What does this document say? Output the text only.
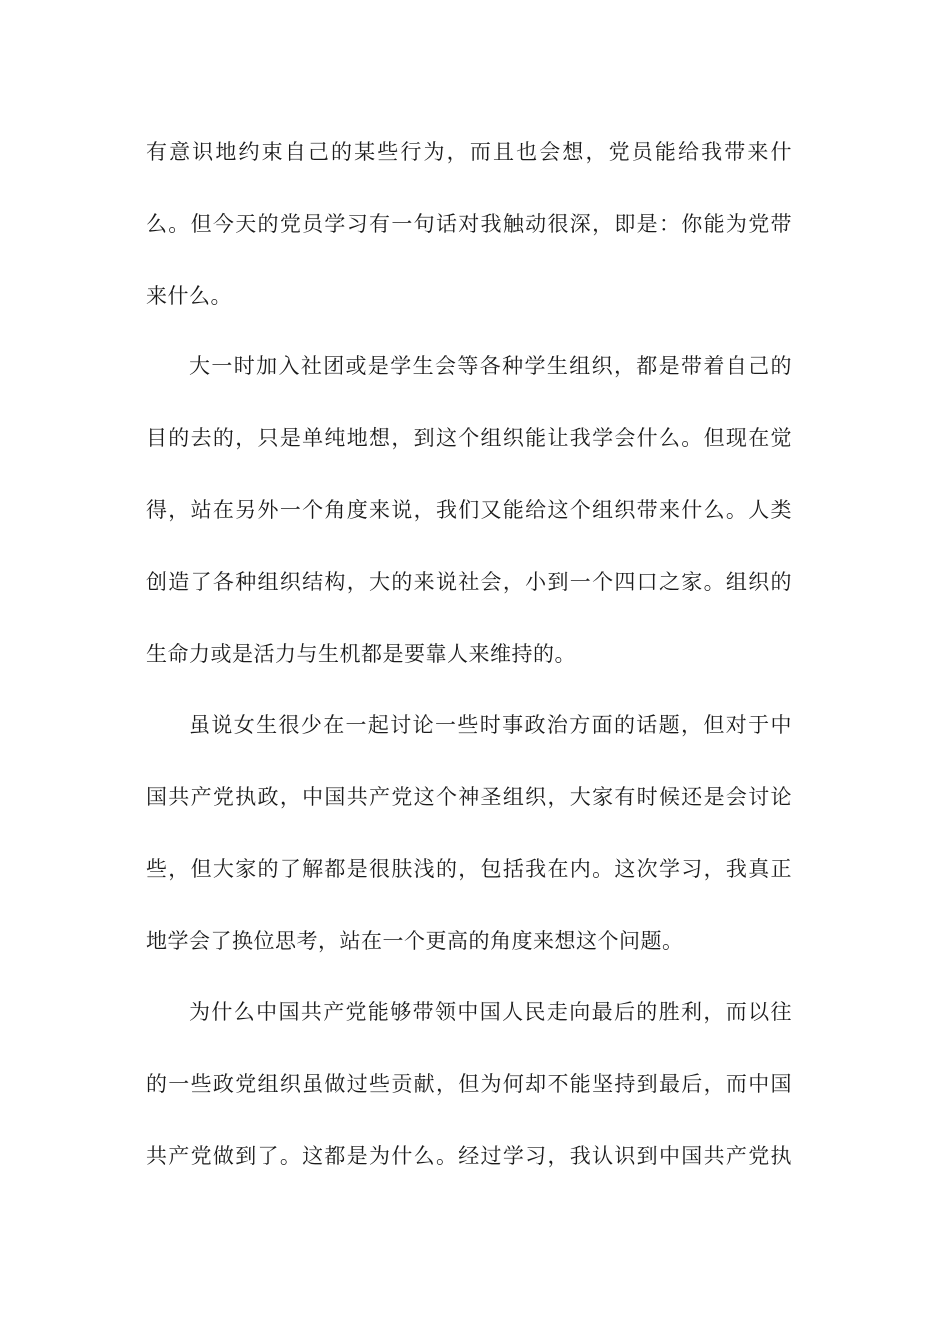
有意识地约束自己的某些行为，而且也会想，党员能给我带来什
么。但今天的党员学习有一句话对我触动很深，即是：你能为党带
来什么。
大一时加入社团或是学生会等各种学生组织，都是带着自己的
目的去的，只是单纯地想，到这个组织能让我学会什么。但现在觉
得，站在另外一个角度来说，我们又能给这个组织带来什么。人类
创造了各种组织结构，大的来说社会，小到一个四口之家。组织的
生命力或是活力与生机都是要靠人来维持的。
虽说女生很少在一起讨论一些时事政治方面的话题，但对于中
国共产党执政，中国共产党这个神圣组织，大家有时候还是会讨论
些，但大家的了解都是很肤浅的，包括我在内。这次学习，我真正
地学会了换位思考，站在一个更高的角度来想这个问题。
为什么中国共产党能够带领中国人民走向最后的胜利，而以往
的一些政党组织虽做过些贡献，但为何却不能坚持到最后，而中国
共产党做到了。这都是为什么。经过学习，我认识到中国共产党执
